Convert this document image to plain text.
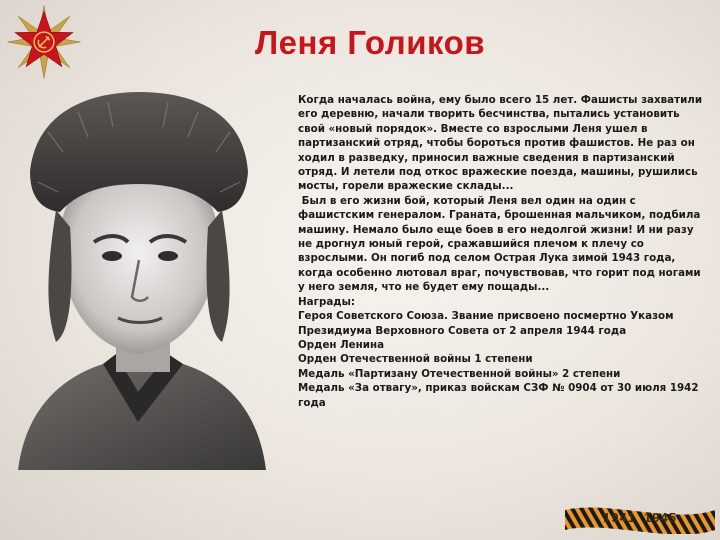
Леня Голиков

Когда началась война, ему было всего 15 лет. Фашисты захватили его деревню, начали творить бесчинства, пытались установить свой «новый порядок». Вместе со взрослыми Леня ушел в партизанский отряд, чтобы бороться против фашистов. Не раз он ходил в разведку, приносил важные сведения в партизанский отряд. И летели под откос вражеские поезда, машины, рушились мосты, горели вражеские склады...

Был в его жизни бой, который Леня вел один на один с фашистским генералом. Граната, брошенная мальчиком, подбила машину. Немало было еще боев в его недолгой жизни! И ни разу не дрогнул юный герой, сражавшийся плечом к плечу со взрослыми. Он погиб под селом Острая Лука зимой 1943 года, когда особенно лютовал враг, почувствовав, что горит под ногами у него земля, что не будет ему пощады...

Награды:

Героя Советского Союза. Звание присвоено посмертно Указом Президиума Верховного Совета от 2 апреля 1944 года

Орден Ленина

Орден Отечественной войны 1 степени

Медаль «Партизану Отечественной войны» 2 степени

Медаль «За отвагу», приказ войскам СЗФ № 0904 от 30 июля 1942 года

1941 1945
